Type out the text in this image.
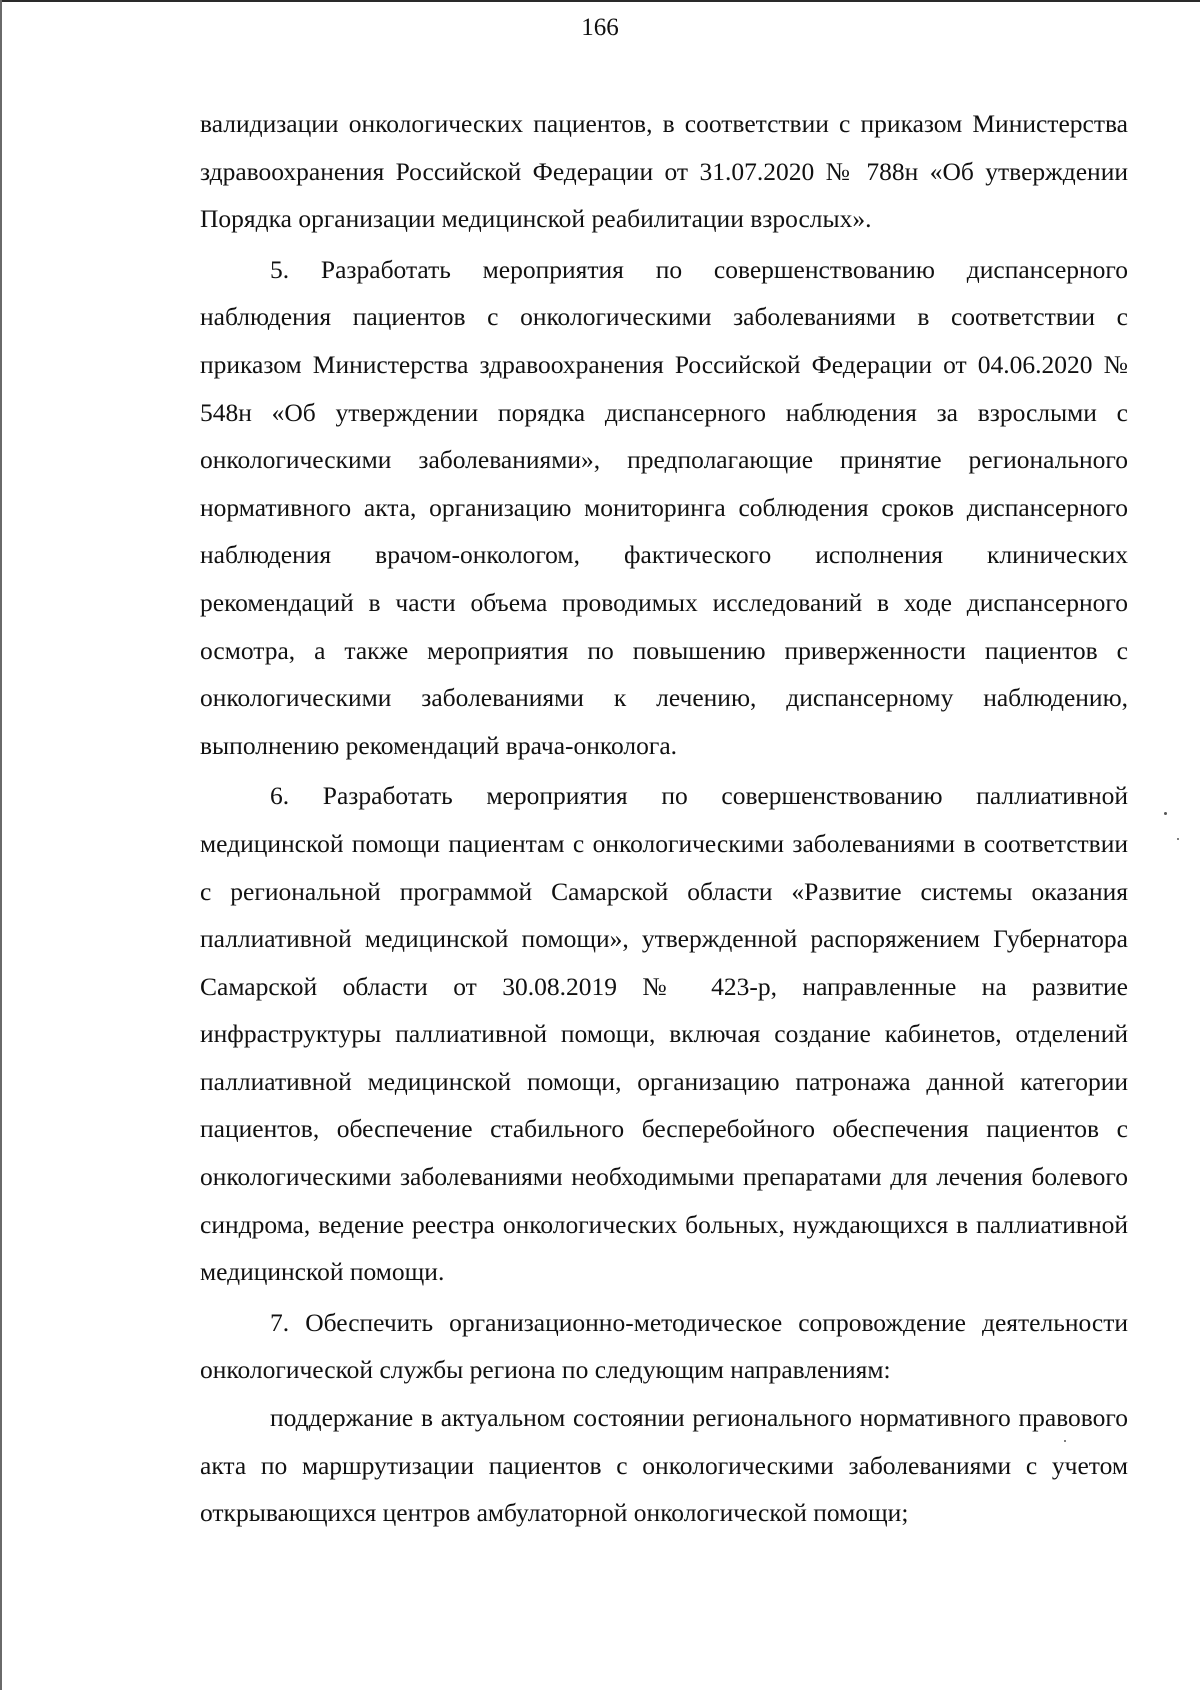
166

валидизации онкологических пациентов, в соответствии с приказом Министерства здравоохранения Российской Федерации от 31.07.2020 № 788н «Об утверждении Порядка организации медицинской реабилитации взрослых».

5. Разработать мероприятия по совершенствованию диспансерного наблюдения пациентов с онкологическими заболеваниями в соответствии с приказом Министерства здравоохранения Российской Федерации от 04.06.2020 № 548н «Об утверждении порядка диспансерного наблюдения за взрослыми с онкологическими заболеваниями», предполагающие принятие регионального нормативного акта, организацию мониторинга соблюдения сроков диспансерного наблюдения врачом-онкологом, фактического исполнения клинических рекомендаций в части объема проводимых исследований в ходе диспансерного осмотра, а также мероприятия по повышению приверженности пациентов с онкологическими заболеваниями к лечению, диспансерному наблюдению, выполнению рекомендаций врача-онколога.

6. Разработать мероприятия по совершенствованию паллиативной медицинской помощи пациентам с онкологическими заболеваниями в соответствии с региональной программой Самарской области «Развитие системы оказания паллиативной медицинской помощи», утвержденной распоряжением Губернатора Самарской области от 30.08.2019 № 423-р, направленные на развитие инфраструктуры паллиативной помощи, включая создание кабинетов, отделений паллиативной медицинской помощи, организацию патронажа данной категории пациентов, обеспечение стабильного бесперебойного обеспечения пациентов с онкологическими заболеваниями необходимыми препаратами для лечения болевого синдрома, ведение реестра онкологических больных, нуждающихся в паллиативной медицинской помощи.

7. Обеспечить организационно-методическое сопровождение деятельности онкологической службы региона по следующим направлениям:

поддержание в актуальном состоянии регионального нормативного правового акта по маршрутизации пациентов с онкологическими заболеваниями с учетом открывающихся центров амбулаторной онкологической помощи;
